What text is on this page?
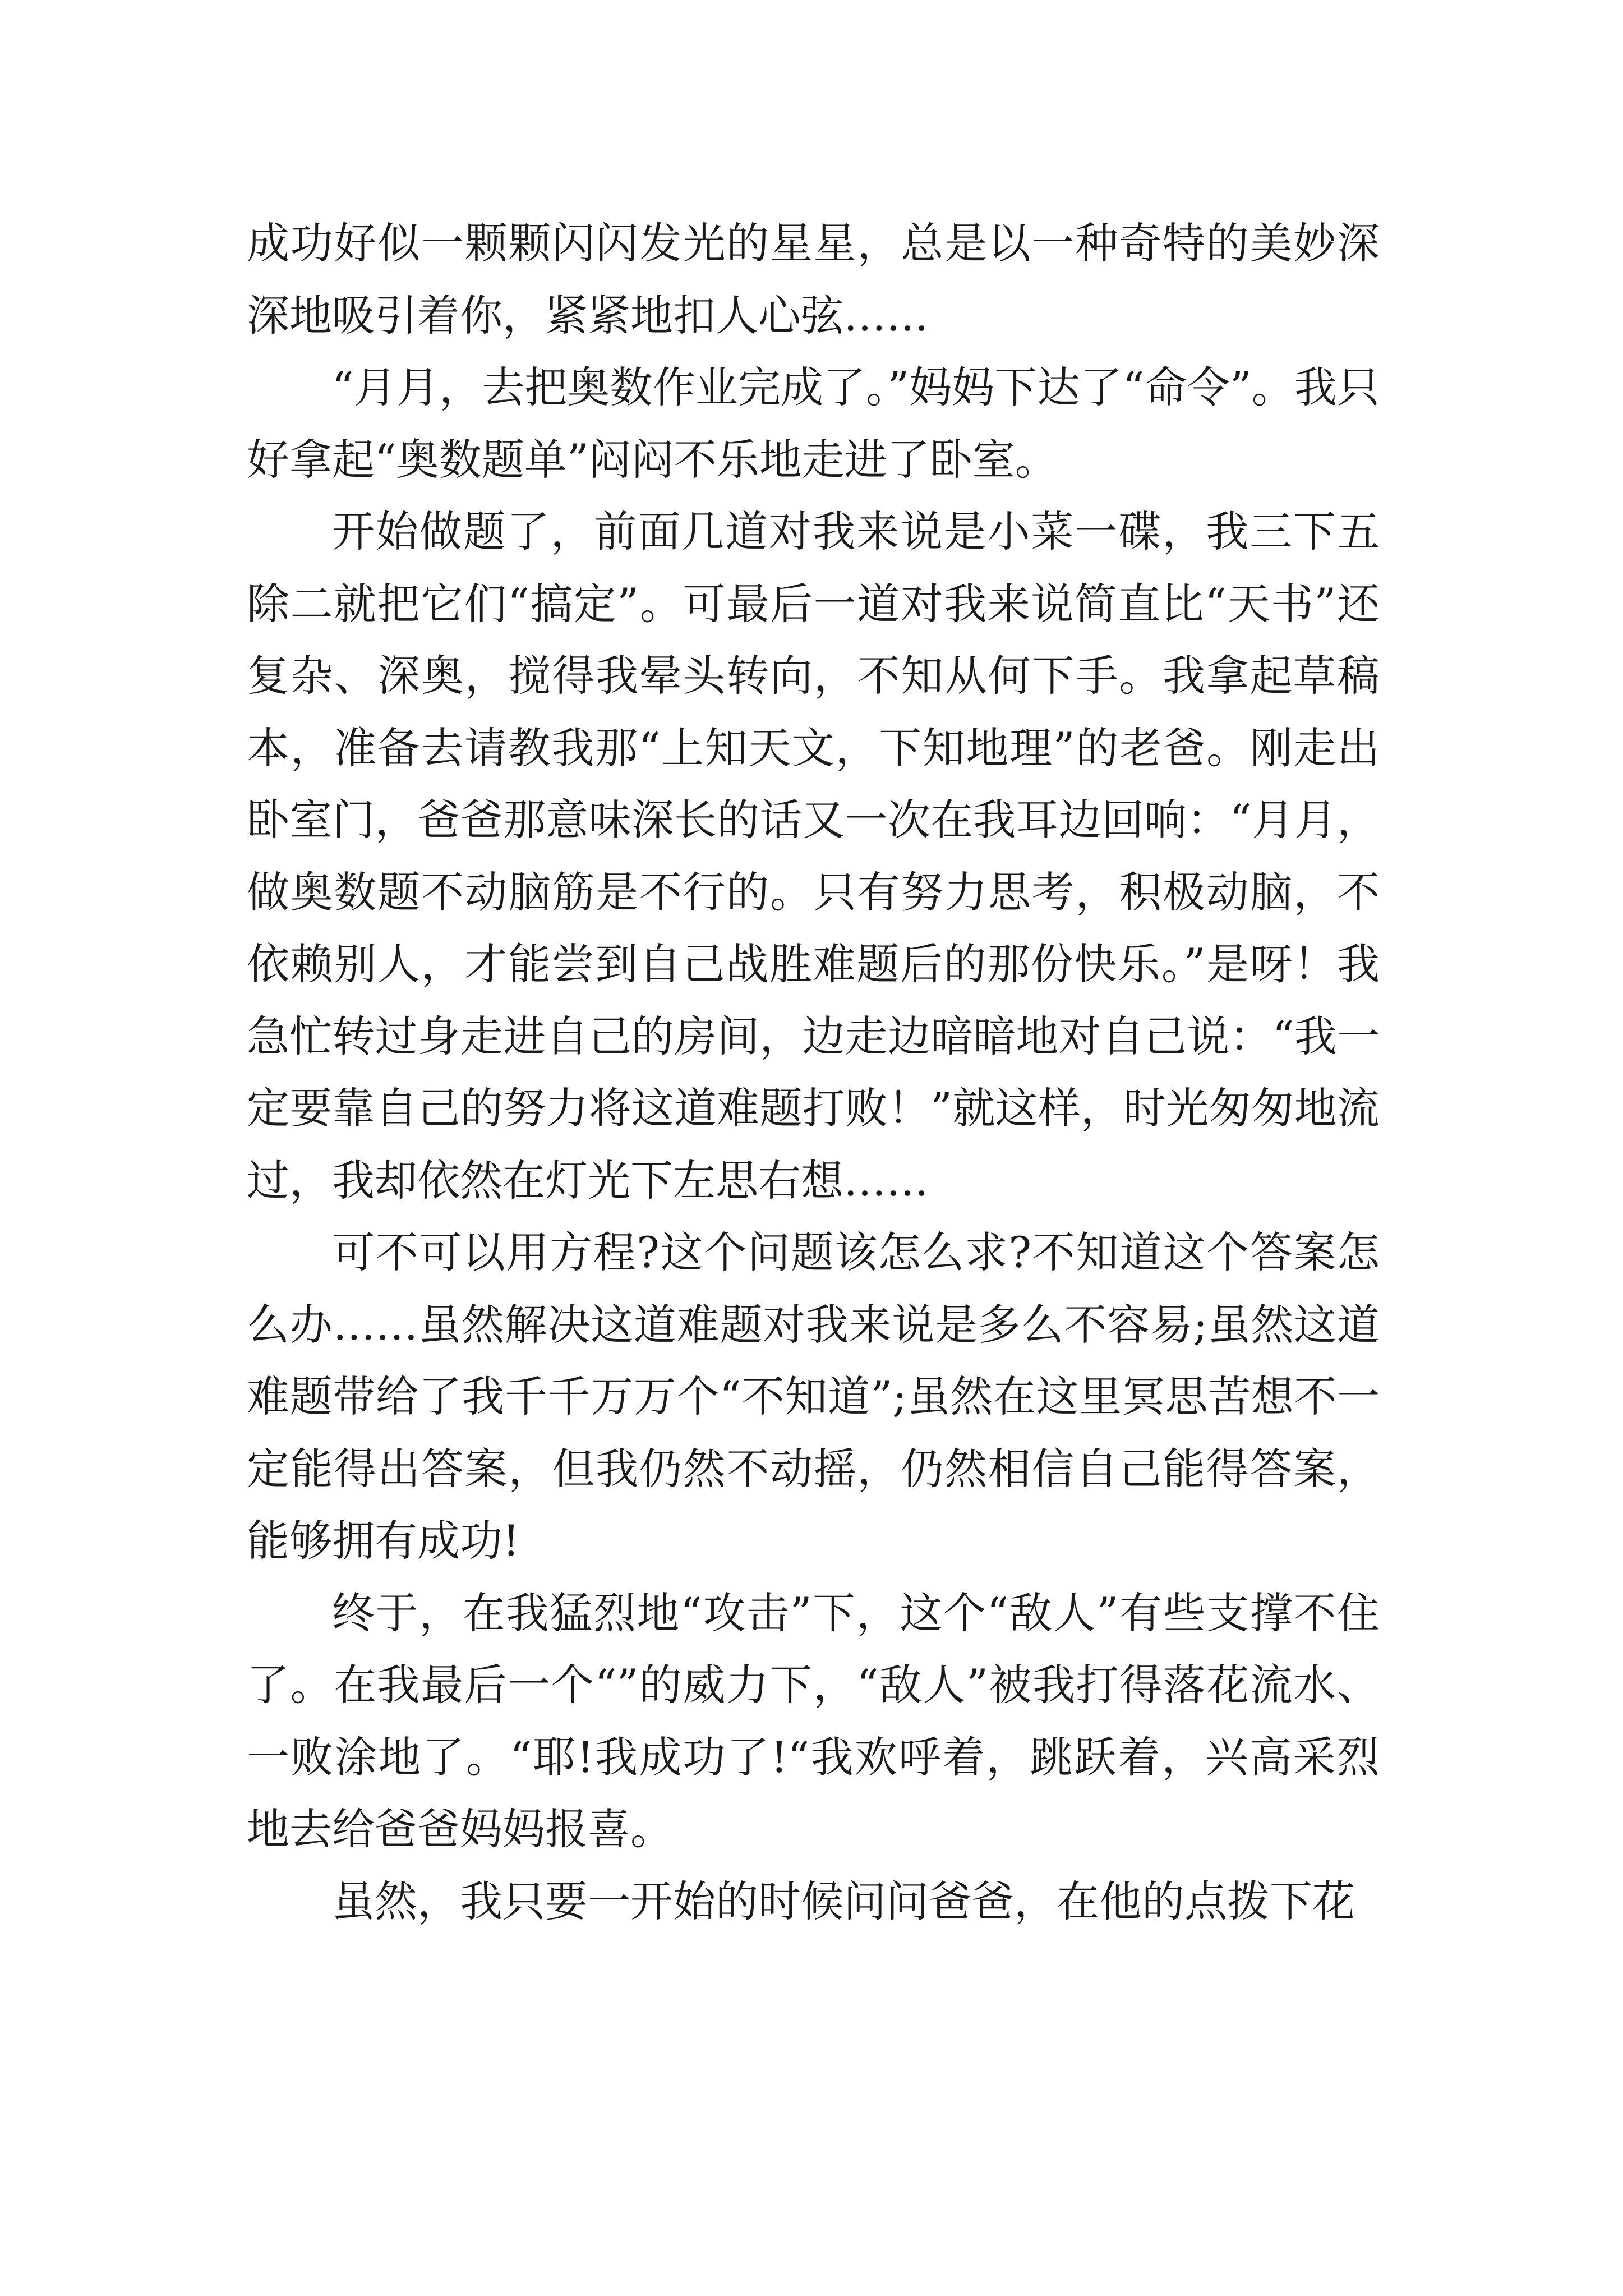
成功好似一颗颗闪闪发光的星星，总是以一种奇特的美妙深深地吸引着你，紧紧地扣人心弦……

“月月，去把奥数作业完成了。”妈妈下达了“命令”。我只好拿起“奥数题单”闷闷不乐地走进了卧室。

开始做题了，前面几道对我来说是小菜一碟，我三下五除二就把它们“搞定”。可最后一道对我来说简直比“天书”还复杂、深奥，搅得我晕头转向，不知从何下手。我拿起草稿本，准备去请教我那“上知天文，下知地理”的老爸。刚走出卧室门，爸爸那意味深长的话又一次在我耳边回响：“月月，做奥数题不动脑筋是不行的。只有努力思考，积极动脑，不依赖别人，才能尝到自己战胜难题后的那份快乐。”是呀！我急忙转过身走进自己的房间，边走边暗暗地对自己说：“我一定要靠自己的努力将这道难题打败！”就这样，时光匆匆地流过，我却依然在灯光下左思右想……

可不可以用方程?这个问题该怎么求?不知道这个答案怎么办……虽然解决这道难题对我来说是多么不容易;虽然这道难题带给了我千千万万个“不知道”;虽然在这里冥思苦想不一定能得出答案，但我仍然不动摇，仍然相信自己能得答案，能够拥有成功!

终于，在我猛烈地“攻击”下，这个“敌人”有些支撑不住了。在我最后一个“”的威力下，“敌人”被我打得落花流水、一败涂地了。“耶!我成功了!“我欢呼着，跳跃着，兴高采烈地去给爸爸妈妈报喜。

虽然，我只要一开始的时候问问爸爸，在他的点拨下花
